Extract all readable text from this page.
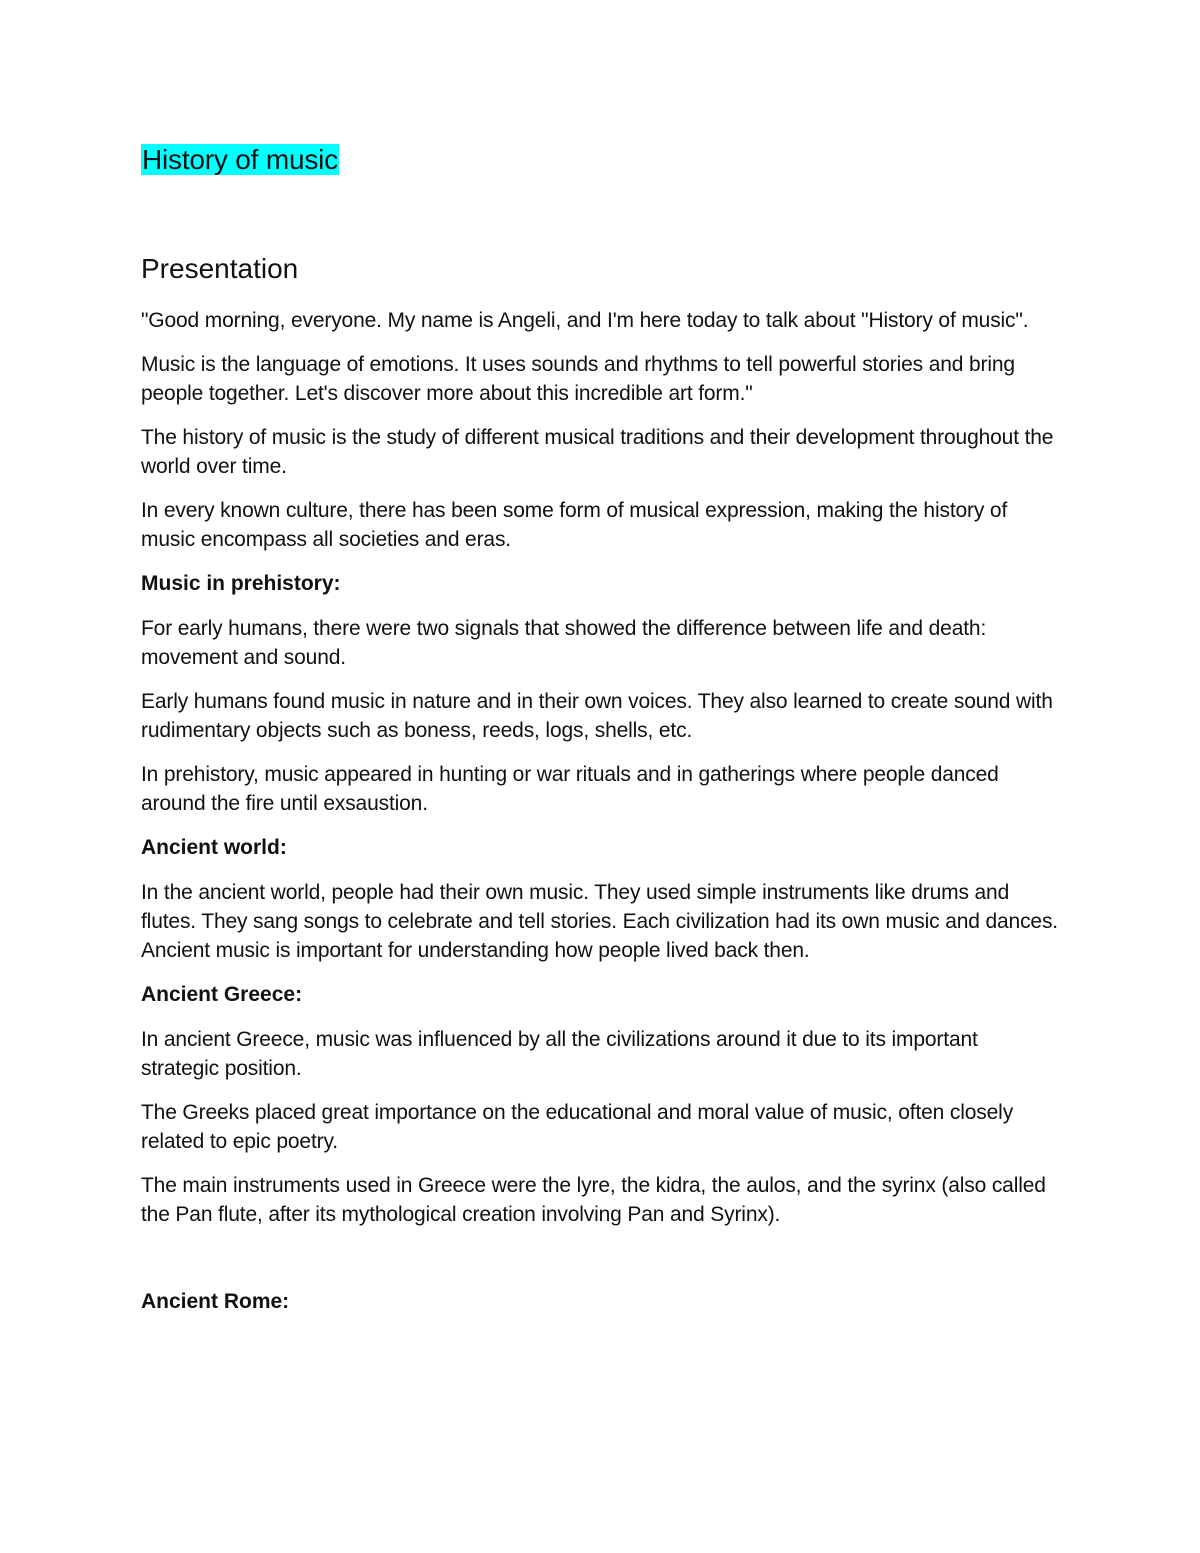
History of music
Presentation

"Good morning, everyone. My name is Angeli, and I'm here today to talk about "History of music".

Music is the language of emotions. It uses sounds and rhythms to tell powerful stories and bring people together. Let's discover more about this incredible art form."

The history of music is the study of different musical traditions and their development throughout the world over time.

In every known culture, there has been some form of musical expression, making the history of music encompass all societies and eras.

Music in prehistory:

For early humans, there were two signals that showed the difference between life and death: movement and sound.

Early humans found music in nature and in their own voices. They also learned to create sound with rudimentary objects such as boness, reeds, logs, shells, etc.

In prehistory, music appeared in hunting or war rituals and in gatherings where people danced around the fire until exsaustion.

Ancient world:

In the ancient world, people had their own music. They used simple instruments like drums and flutes. They sang songs to celebrate and tell stories. Each civilization had its own music and dances. Ancient music is important for understanding how people lived back then.

Ancient Greece:

In ancient Greece, music was influenced by all the civilizations around it due to its important strategic position.

The Greeks placed great importance on the educational and moral value of music, often closely related to epic poetry.

The main instruments used in Greece were the lyre, the kidra, the aulos, and the syrinx (also called the Pan flute, after its mythological creation involving Pan and Syrinx).

Ancient Rome:
